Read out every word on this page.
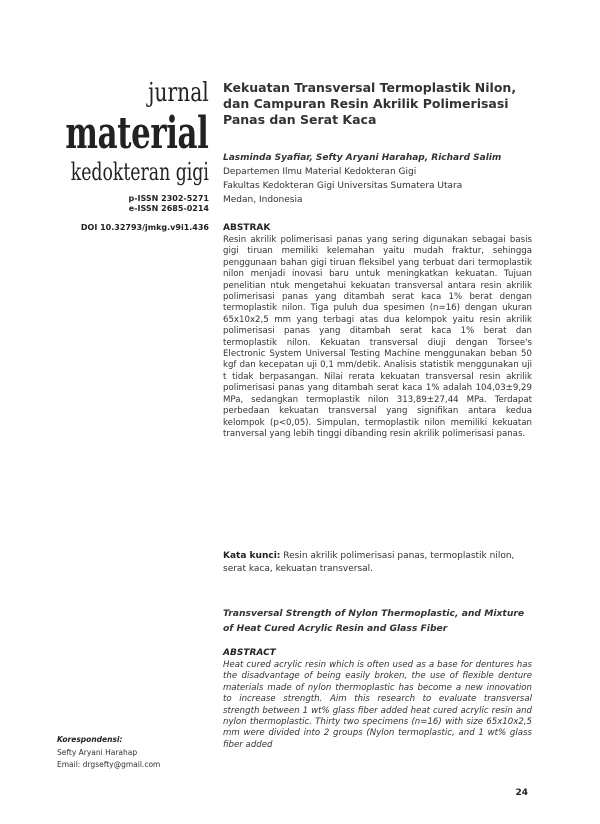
jurnal
material
kedokteran gigi
p-ISSN 2302-5271
e-ISSN 2685-0214
DOI 10.32793/jmkg.v9i1.436
Kekuatan Transversal Termoplastik Nilon, dan Campuran Resin Akrilik Polimerisasi Panas dan Serat Kaca
Lasminda Syafiar, Sefty Aryani Harahap, Richard Salim
Departemen Ilmu Material Kedokteran Gigi
Fakultas Kedokteran Gigi Universitas Sumatera Utara
Medan, Indonesia
ABSTRAK
Resin akrilik polimerisasi panas yang sering digunakan sebagai basis gigi tiruan memiliki kelemahan yaitu mudah fraktur, sehingga penggunaan bahan gigi tiruan fleksibel yang terbuat dari termoplastik nilon menjadi inovasi baru untuk meningkatkan kekuatan. Tujuan penelitian ntuk mengetahui kekuatan transversal antara resin akrilik polimerisasi panas yang ditambah serat kaca 1% berat dengan termoplastik nilon. Tiga puluh dua spesimen (n=16) dengan ukuran 65x10x2,5 mm yang terbagi atas dua kelompok yaitu resin akrilik polimerisasi panas yang ditambah serat kaca 1% berat dan termoplastik nilon. Kekuatan transversal diuji dengan Torsee's Electronic System Universal Testing Machine menggunakan beban 50 kgf dan kecepatan uji 0,1 mm/detik. Analisis statistik menggunakan uji t tidak berpasangan. Nilai rerata kekuatan transversal resin akrilik polimerisasi panas yang ditambah serat kaca 1% adalah 104,03±9,29 MPa, sedangkan termoplastik nilon 313,89±27,44 MPa. Terdapat perbedaan kekuatan transversal yang signifikan antara kedua kelompok (p<0,05). Simpulan, termoplastik nilon memiliki kekuatan tranversal yang lebih tinggi dibanding resin akrilik polimerisasi panas.
Kata kunci: Resin akrilik polimerisasi panas, termoplastik nilon, serat kaca, kekuatan transversal.
Transversal Strength of Nylon Thermoplastic, and Mixture of Heat Cured Acrylic Resin and Glass Fiber
ABSTRACT
Heat cured acrylic resin which is often used as a base for dentures has the disadvantage of being easily broken, the use of flexible denture materials made of nylon thermoplastic has become a new innovation to increase strength. Aim this research to evaluate transversal strength between 1 wt% glass fiber added heat cured acrylic resin and nylon thermoplastic. Thirty two specimens (n=16) with size 65x10x2,5 mm were divided into 2 groups (Nylon termoplastic, and 1 wt% glass fiber added
Korespondensi:
Sefty Aryani Harahap
Email: drgsefty@gmail.com
24
